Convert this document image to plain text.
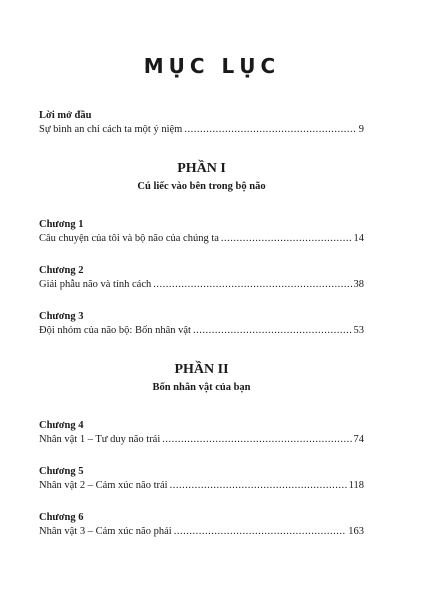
MỤC LỤC
Lời mở đầu
Sự bình an chỉ cách ta một ý niệm .....	9
PHẦN I
Cú liếc vào bên trong bộ não
Chương 1
Câu chuyện của tôi và bộ não của chúng ta .....	14
Chương 2
Giải phẫu não và tính cách .....	38
Chương 3
Đội nhóm của não bộ: Bốn nhân vật .....	53
PHẦN II
Bốn nhân vật của bạn
Chương 4
Nhân vật 1 – Tư duy não trái .....	74
Chương 5
Nhân vật 2 – Cảm xúc não trái .....	118
Chương 6
Nhân vật 3 – Cảm xúc não phải .....	163
